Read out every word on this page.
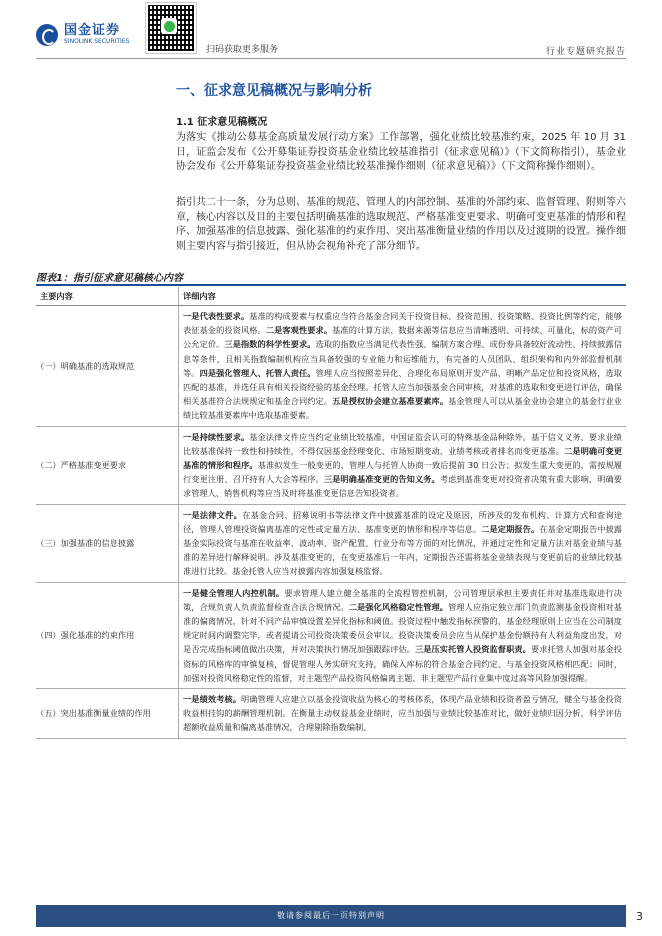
国金证券
SINOLINK SECURITIES
扫码获取更多服务	行业专题研究报告
一、征求意见稿概况与影响分析
1.1 征求意见稿概况
为落实《推动公募基金高质量发展行动方案》工作部署，强化业绩比较基准约束，2025 年 10 月 31 日，证监会发布《公开募集证券投资基金业绩比较基准指引（征求意见稿）》（下文简称指引），基金业协会发布《公开募集证券投资基金业绩比较基准操作细则（征求意见稿）》（下文简称操作细则）。
指引共二十一条，分为总则、基准的规范、管理人的内部控制、基准的外部约束、监督管理、附则等六章，核心内容以及目的主要包括明确基准的选取规范、严格基准变更要求、明确可变更基准的情形和程序、加强基准的信息披露、强化基准的约束作用、突出基准衡量业绩的作用以及过渡期的设置。操作细则主要内容与指引接近，但从协会视角补充了部分细节。
图表1：指引征求意见稿核心内容
主要内容	详细内容
（一）明确基准的选取规范	一是代表性要求。基准的构成要素与权重应当符合基金合同关于投资目标、投资范围、投资策略、投资比例等约定，能够表征基金的投资风格。二是客观性要求。基准的计算方法、数据来源等信息应当清晰透明、可持续、可量化，标的资产可公允定价。三是指数的科学性要求。选取的指数应当满足代表性强、编制方案合理、成份券具备较好流动性、持续披露信息等条件，且相关指数编制机构应当具备较强的专业能力和运维能力，有完备的人员团队、组织架构和内外部监督机制等。四是强化管理人、托管人责任。管理人应当按照差异化、合理化布局原则开发产品，明晰产品定位和投资风格，选取匹配的基准，并选任具有相关投资经验的基金经理。托管人应当加强基金合同审核，对基准的选取和变更进行评估，确保相关基准符合法规规定和基金合同约定。五是授权协会建立基准要素库。基金管理人可以从基金业协会建立的基金行业业绩比较基准要素库中选取基准要素。
（二）严格基准变更要求	一是持续性要求。基金法律文件应当约定业绩比较基准，中国证监会认可的特殊基金品种除外。基于信义义务，要求业绩比较基准保持一致性和持续性，不得仅因基金经理变化、市场短期变动、业绩考核或者排名而变更基准。二是明确可变更基准的情形和程序。基准拟发生一般变更的，管理人与托管人协商一致后提前 30 日公告；拟发生重大变更的，需按规履行变更注册、召开持有人大会等程序。三是明确基准变更的告知义务。考虑到基准变更对投资者决策有重大影响，明确要求管理人、销售机构等应当及时将基准变更信息告知投资者。
（三）加强基准的信息披露	一是法律文件。在基金合同、招募说明书等法律文件中披露基准的设定及原因，所涉及的发布机构、计算方式和查询途径，管理人管理投资偏离基准的定性或定量方法、基准变更的情形和程序等信息。二是定期报告。在基金定期报告中披露基金实际投资与基准在收益率、波动率、资产配置、行业分布等方面的对比情况，并通过定性和定量方法对基金业绩与基准的差异进行解释说明。涉及基准变更的，在变更基准后一年内，定期报告还需将基金业绩表现与变更前后的业绩比较基准进行比较。基金托管人应当对披露内容加强复核监督。
（四）强化基准的约束作用	一是健全管理人内控机制。要求管理人建立健全基准的全流程管控机制，公司管理层承担主要责任并对基准选取进行决策，合规负责人负责监督检查合法合规情况。二是强化风格稳定性管理。管理人应指定独立部门负责监测基金投资相对基准的偏离情况，针对不同产品审慎设置差异化指标和阈值。投资过程中触发指标预警的，基金经理原则上应当在公司制度规定时间内调整完毕，或者提请公司投资决策委员会审议。投资决策委员会应当从保护基金份额持有人利益角度出发，对是否完成指标阈值做出决策，并对决策执行情况加强跟踪评估。三是压实托管人投资监督职责。要求托管人加强对基金投资标的风格库的审慎复核，督促管理人务实研究支持，确保入库标的符合基金合同约定、与基金投资风格相匹配；同时，加强对投资风格稳定性的监督，对主题型产品投资风格偏离主题、非主题型产品行业集中度过高等风险加强提醒。
（五）突出基准衡量业绩的作用	一是绩效考核。明确管理人应建立以基金投资收益为核心的考核体系，体现产品业绩和投资者盈亏情况，健全与基金投资收益相挂钩的薪酬管理机制。在衡量主动权益基金业绩时，应当加强与业绩比较基准对比，做好业绩归因分析，科学评估超额收益质量和偏离基准情况，合理剔除指数编制、
敬请参阅最后一页特别声明	3
